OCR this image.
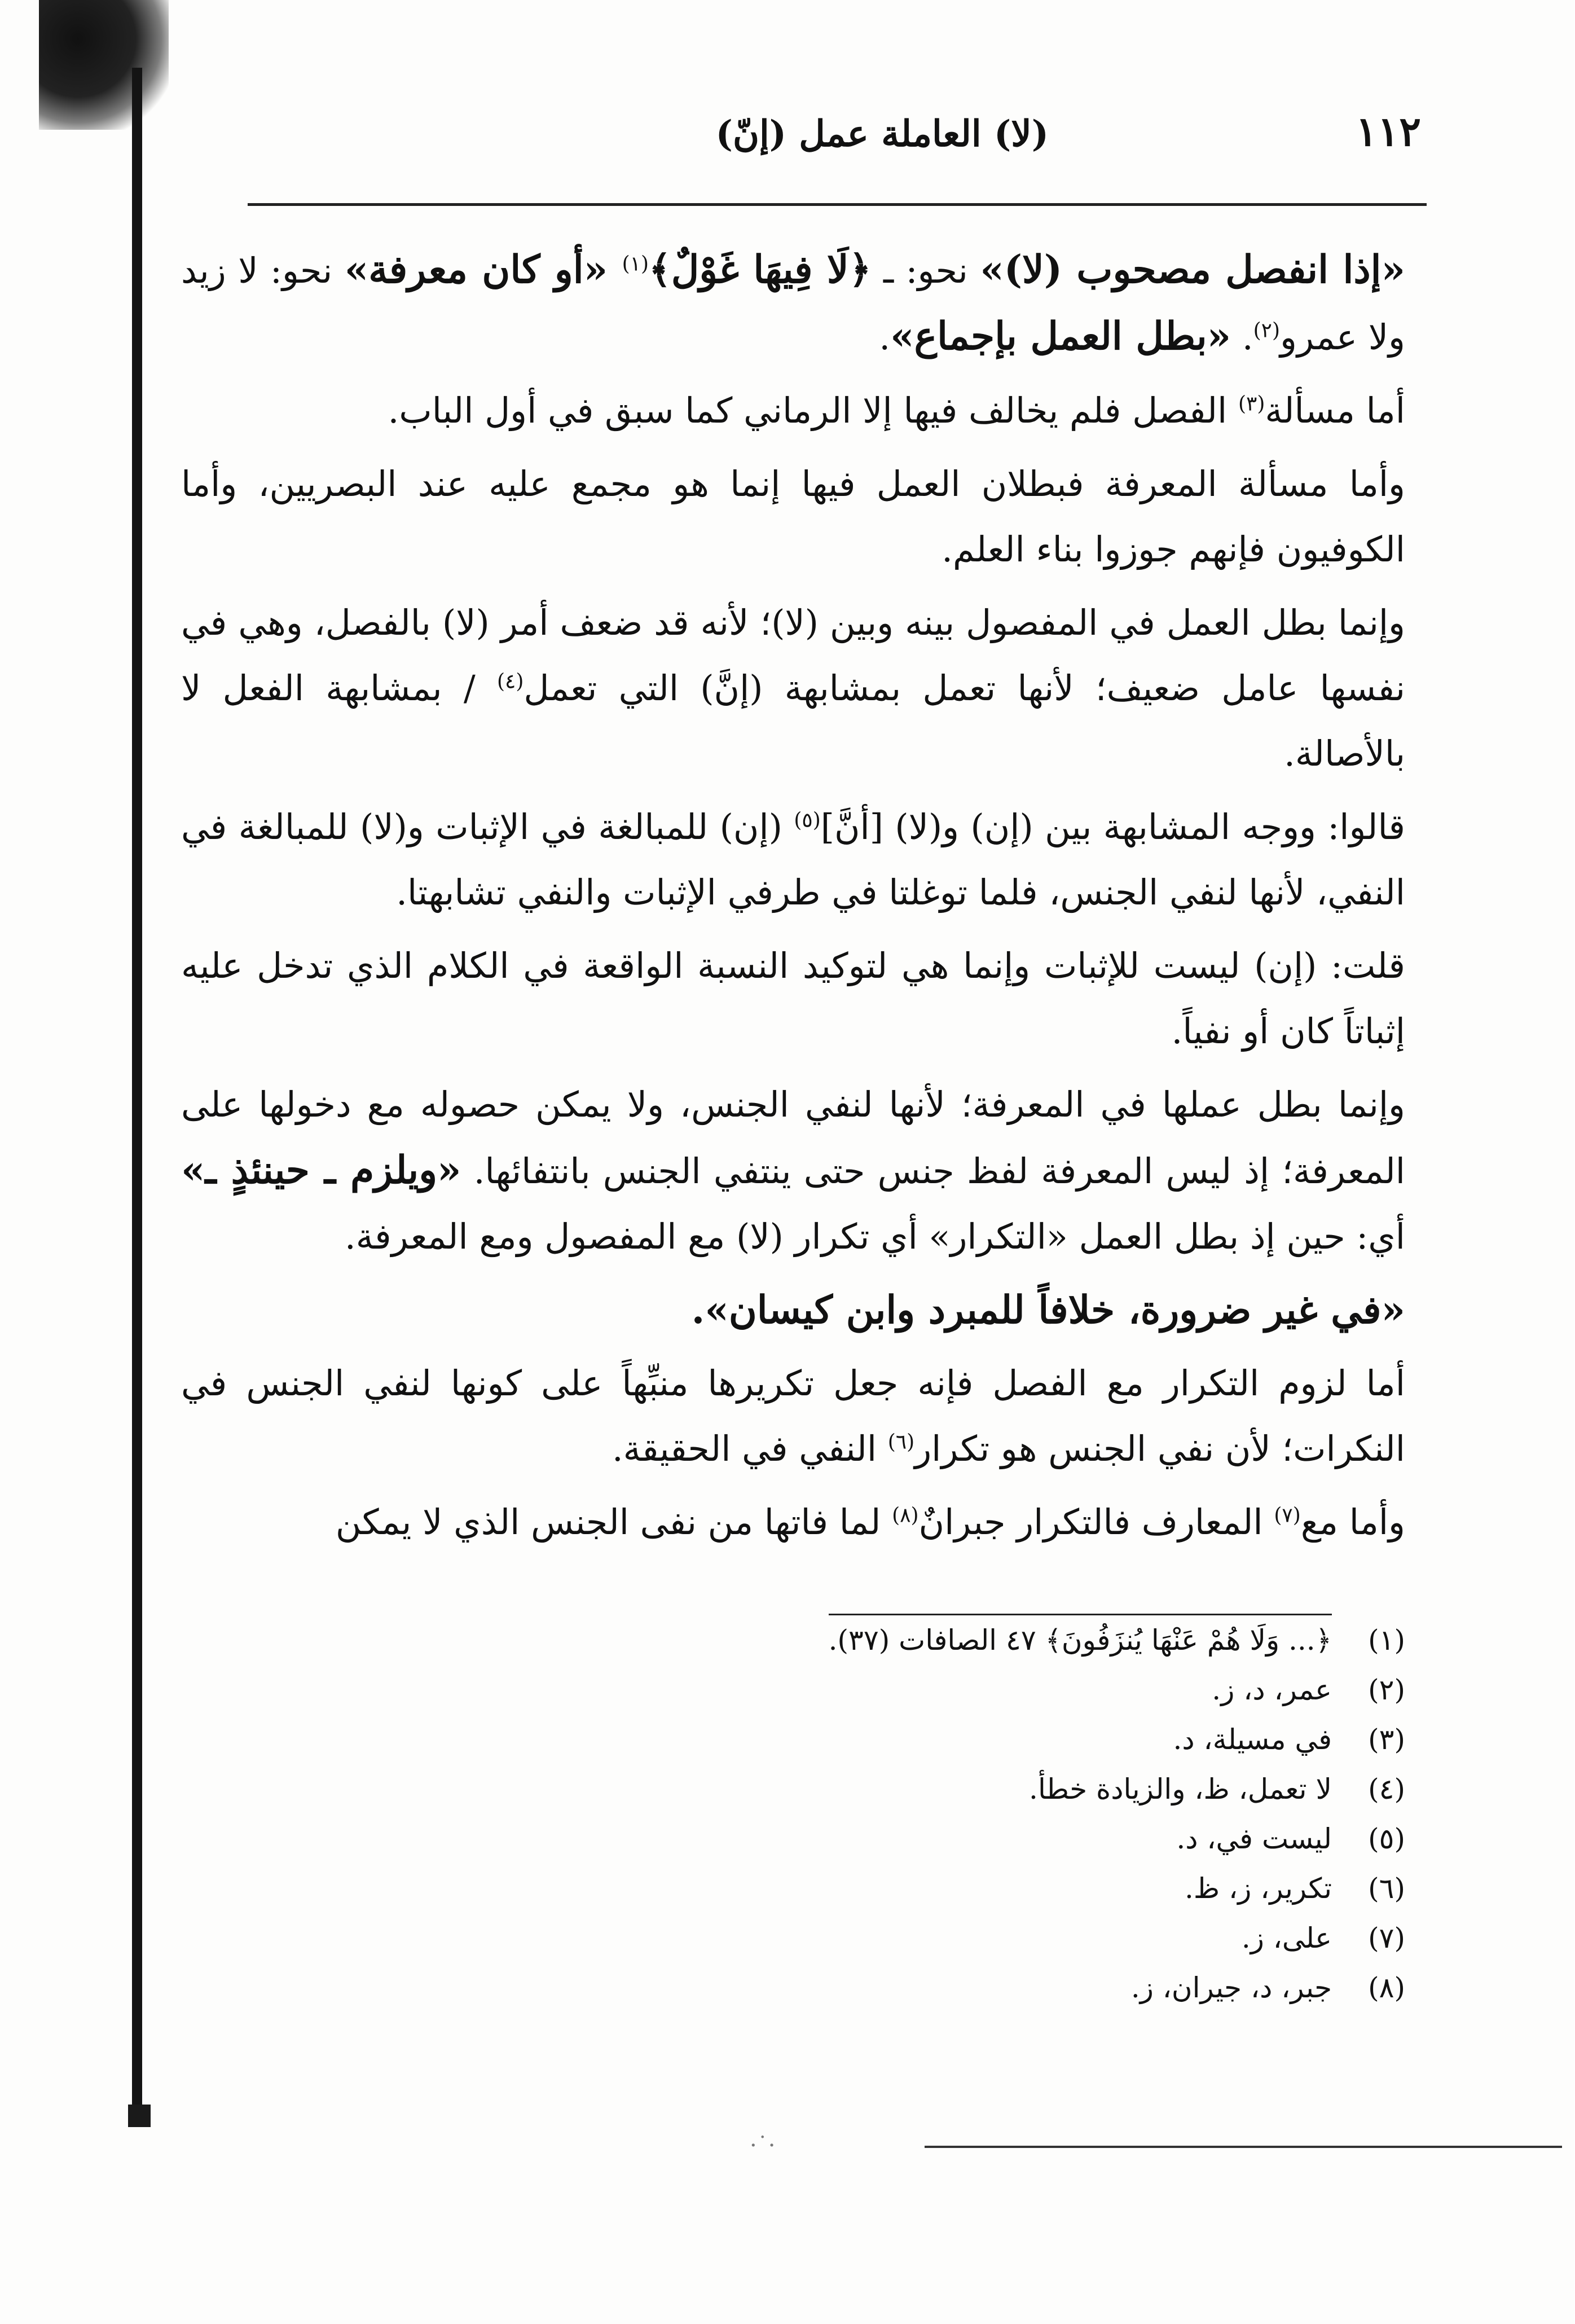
·˙·
١١٢
(لا) العاملة عمل (إنّ)

«إذا انفصل مصحوب (لا)» نحو: ـ ﴿لَا فِيهَا غَوْلٌ﴾$^{(١)}$ «أو كان معرفة» نحو: لا زيد ولا عمرو$^{(٢)}$. «بطل العمل بإجماع».

أما مسألة$^{(٣)}$ الفصل فلم يخالف فيها إلا الرماني كما سبق في أول الباب.

وأما مسألة المعرفة فبطلان العمل فيها إنما هو مجمع عليه عند البصريين، وأما الكوفيون فإنهم جوزوا بناء العلم.

وإنما بطل العمل في المفصول بينه وبين (لا)؛ لأنه قد ضعف أمر (لا) بالفصل، وهي في نفسها عامل ضعيف؛ لأنها تعمل بمشابهة (إنَّ) التي تعمل$^{(٤)}$ / بمشابهة الفعل لا بالأصالة.

قالوا: ووجه المشابهة بين (إن) و(لا) [أنَّ]$^{(٥)}$ (إن) للمبالغة في الإثبات و(لا) للمبالغة في النفي، لأنها لنفي الجنس، فلما توغلتا في طرفي الإثبات والنفي تشابهتا.

قلت: (إن) ليست للإثبات وإنما هي لتوكيد النسبة الواقعة في الكلام الذي تدخل عليه إثباتاً كان أو نفياً.

وإنما بطل عملها في المعرفة؛ لأنها لنفي الجنس، ولا يمكن حصوله مع دخولها على المعرفة؛ إذ ليس المعرفة لفظ جنس حتى ينتفي الجنس بانتفائها. «ويلزم ـ حينئذٍ ـ» أي: حين إذ بطل العمل «التكرار» أي تكرار (لا) مع المفصول ومع المعرفة.

«في غير ضرورة، خلافاً للمبرد وابن كيسان».

أما لزوم التكرار مع الفصل فإنه جعل تكريرها منبِّهاً على كونها لنفي الجنس في النكرات؛ لأن نفي الجنس هو تكرار$^{(٦)}$ النفي في الحقيقة.

وأما مع$^{(٧)}$ المعارف فالتكرار جبرانٌ$^{(٨)}$ لما فاتها من نفى الجنس الذي لا يمكن

(١)﴿... وَلَا هُمْ عَنْهَا يُنزَفُونَ﴾ ٤٧ الصافات (٣٧).
(٢)عمر، د، ز.
(٣)في مسيلة، د.
(٤)لا تعمل، ظ، والزيادة خطأ.
(٥)ليست في، د.
(٦)تكرير، ز، ظ.
(٧)على، ز.
(٨)جبر، د، جيران، ز.
